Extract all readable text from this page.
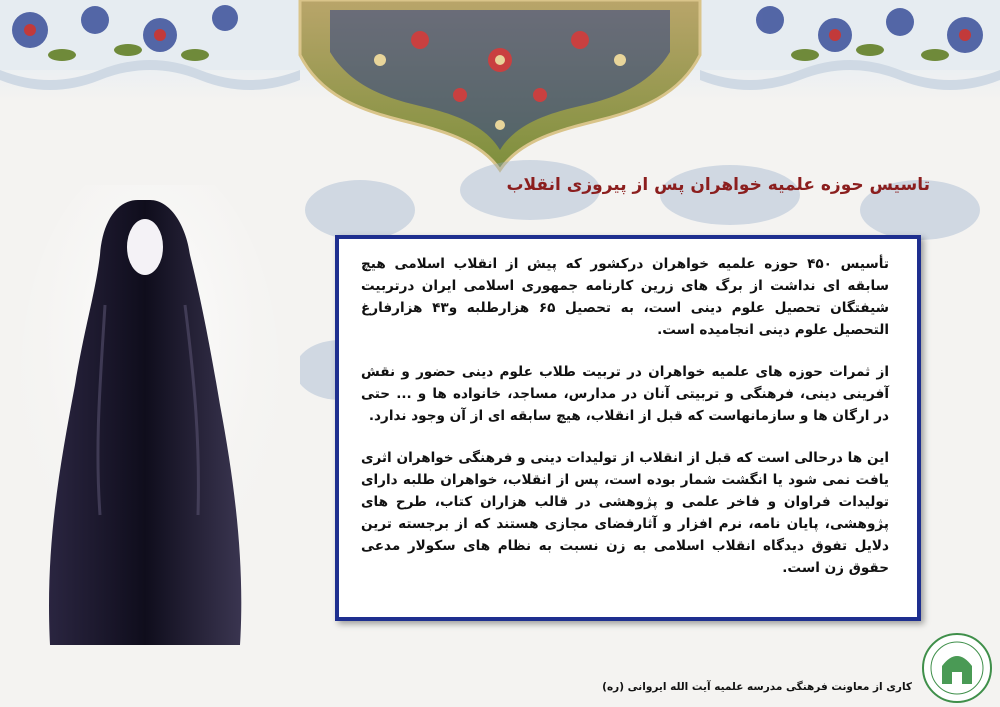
تاسیس حوزه علمیه خواهران پس از پیروزی انقلاب

تأسیس ۴۵۰ حوزه علمیه خواهران درکشور که پیش از انقلاب اسلامی هیچ سابقه ای نداشت از برگ های زرین کارنامه جمهوری اسلامی ایران درتربیت شیفتگان تحصیل علوم دینی است، به تحصیل ۶۵ هزارطلبه و۴۳ هزارفارغ التحصیل علوم دینی انجامیده است.

از ثمرات حوزه های علمیه خواهران در تربیت طلاب علوم دینی حضور و نقش آفرینی دینی، فرهنگی و تربیتی آنان در مدارس، مساجد، خانواده ها و ... حتی در ارگان ها و سازمانهاست که قبل از انقلاب، هیچ سابقه ای از آن وجود ندارد.

این ها درحالی است که قبل از انقلاب از تولیدات دینی و فرهنگی خواهران اثری یافت نمی شود یا انگشت شمار بوده است، پس از انقلاب، خواهران طلبه دارای تولیدات فراوان و فاخر علمی و پژوهشی در قالب هزاران کتاب، طرح های پژوهشی، پایان نامه، نرم افزار و آثارفضای مجازی هستند که از برجسته ترین دلایل تفوق دیدگاه انقلاب اسلامی به زن نسبت به نظام های سکولار مدعی حقوق زن است.

کاری از معاونت فرهنگی مدرسه علمیه آیت الله ایروانی (ره)
